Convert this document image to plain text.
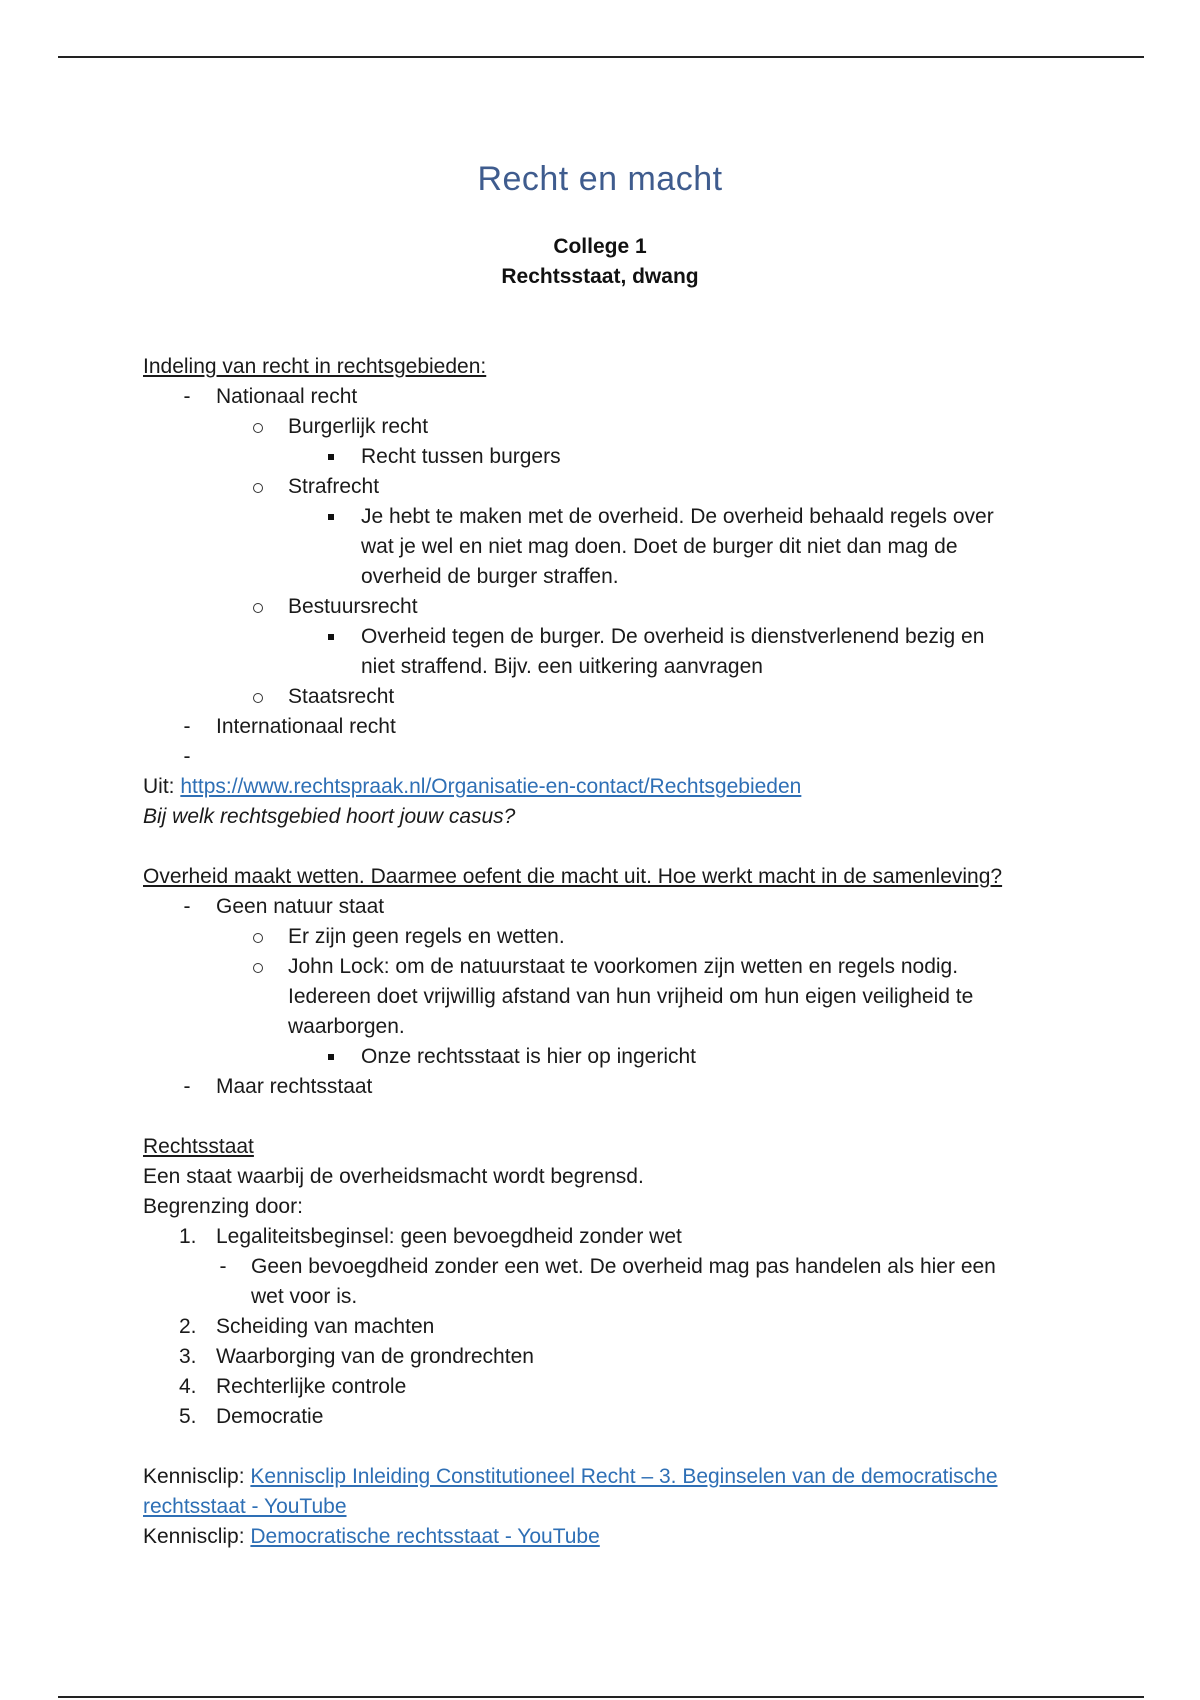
Recht en macht
College 1
Rechtsstaat, dwang
Indeling van recht in rechtsgebieden:
-	Nationaal recht
Burgerlijk recht
Recht tussen burgers
Strafrecht
Je hebt te maken met de overheid. De overheid behaald regels over
wat je wel en niet mag doen. Doet de burger dit niet dan mag de
overheid de burger straffen.
Bestuursrecht
Overheid tegen de burger. De overheid is dienstverlenend bezig en
niet straffend. Bijv. een uitkering aanvragen
Staatsrecht
-	Internationaal recht
-
Uit: https://www.rechtspraak.nl/Organisatie-en-contact/Rechtsgebieden
Bij welk rechtsgebied hoort jouw casus?
Overheid maakt wetten. Daarmee oefent die macht uit. Hoe werkt macht in de samenleving?
-	Geen natuur staat
Er zijn geen regels en wetten.
John Lock: om de natuurstaat te voorkomen zijn wetten en regels nodig.
Iedereen doet vrijwillig afstand van hun vrijheid om hun eigen veiligheid te
waarborgen.
Onze rechtsstaat is hier op ingericht
-	Maar rechtsstaat
Rechtsstaat
Een staat waarbij de overheidsmacht wordt begrensd.
Begrenzing door:
1. Legaliteitsbeginsel: geen bevoegdheid zonder wet
-	Geen bevoegdheid zonder een wet. De overheid mag pas handelen als hier een
wet voor is.
2. Scheiding van machten
3. Waarborging van de grondrechten
4. Rechterlijke controle
5. Democratie
Kennisclip: Kennisclip Inleiding Constitutioneel Recht – 3. Beginselen van de democratische
rechtsstaat - YouTube
Kennisclip: Democratische rechtsstaat - YouTube
